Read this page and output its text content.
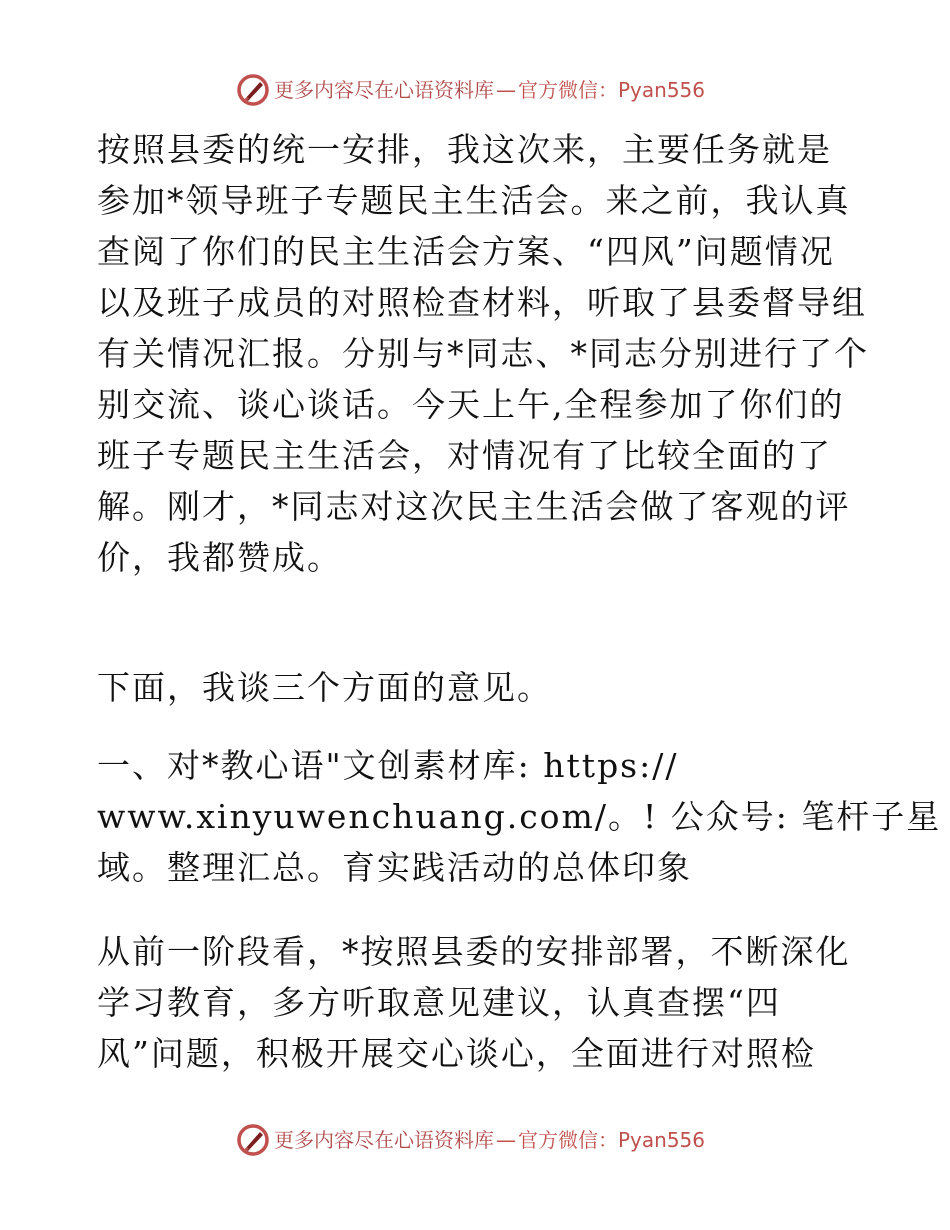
更多内容尽在心语资料库 — 官方微信：Pyan556

按照县委的统一安排，我这次来，主要任务就是
参加*领导班子专题民主生活会。来之前，我认真
查阅了你们的民主生活会方案、“四风”问题情况
以及班子成员的对照检查材料，听取了县委督导组
有关情况汇报。分别与*同志、*同志分别进行了个
别交流、谈心谈话。今天上午,全程参加了你们的
班子专题民主生活会，对情况有了比较全面的了
解。刚才，*同志对这次民主生活会做了客观的评
价，我都赞成。

下面，我谈三个方面的意见。

一、对*教心语"文创素材库: https://
www.xinyuwenchuang.com/。! 公众号: 笔杆子星
域。整理汇总。育实践活动的总体印象

从前一阶段看，*按照县委的安排部署，不断深化
学习教育，多方听取意见建议，认真查摆“四
风”问题，积极开展交心谈心，全面进行对照检

更多内容尽在心语资料库 — 官方微信：Pyan556
